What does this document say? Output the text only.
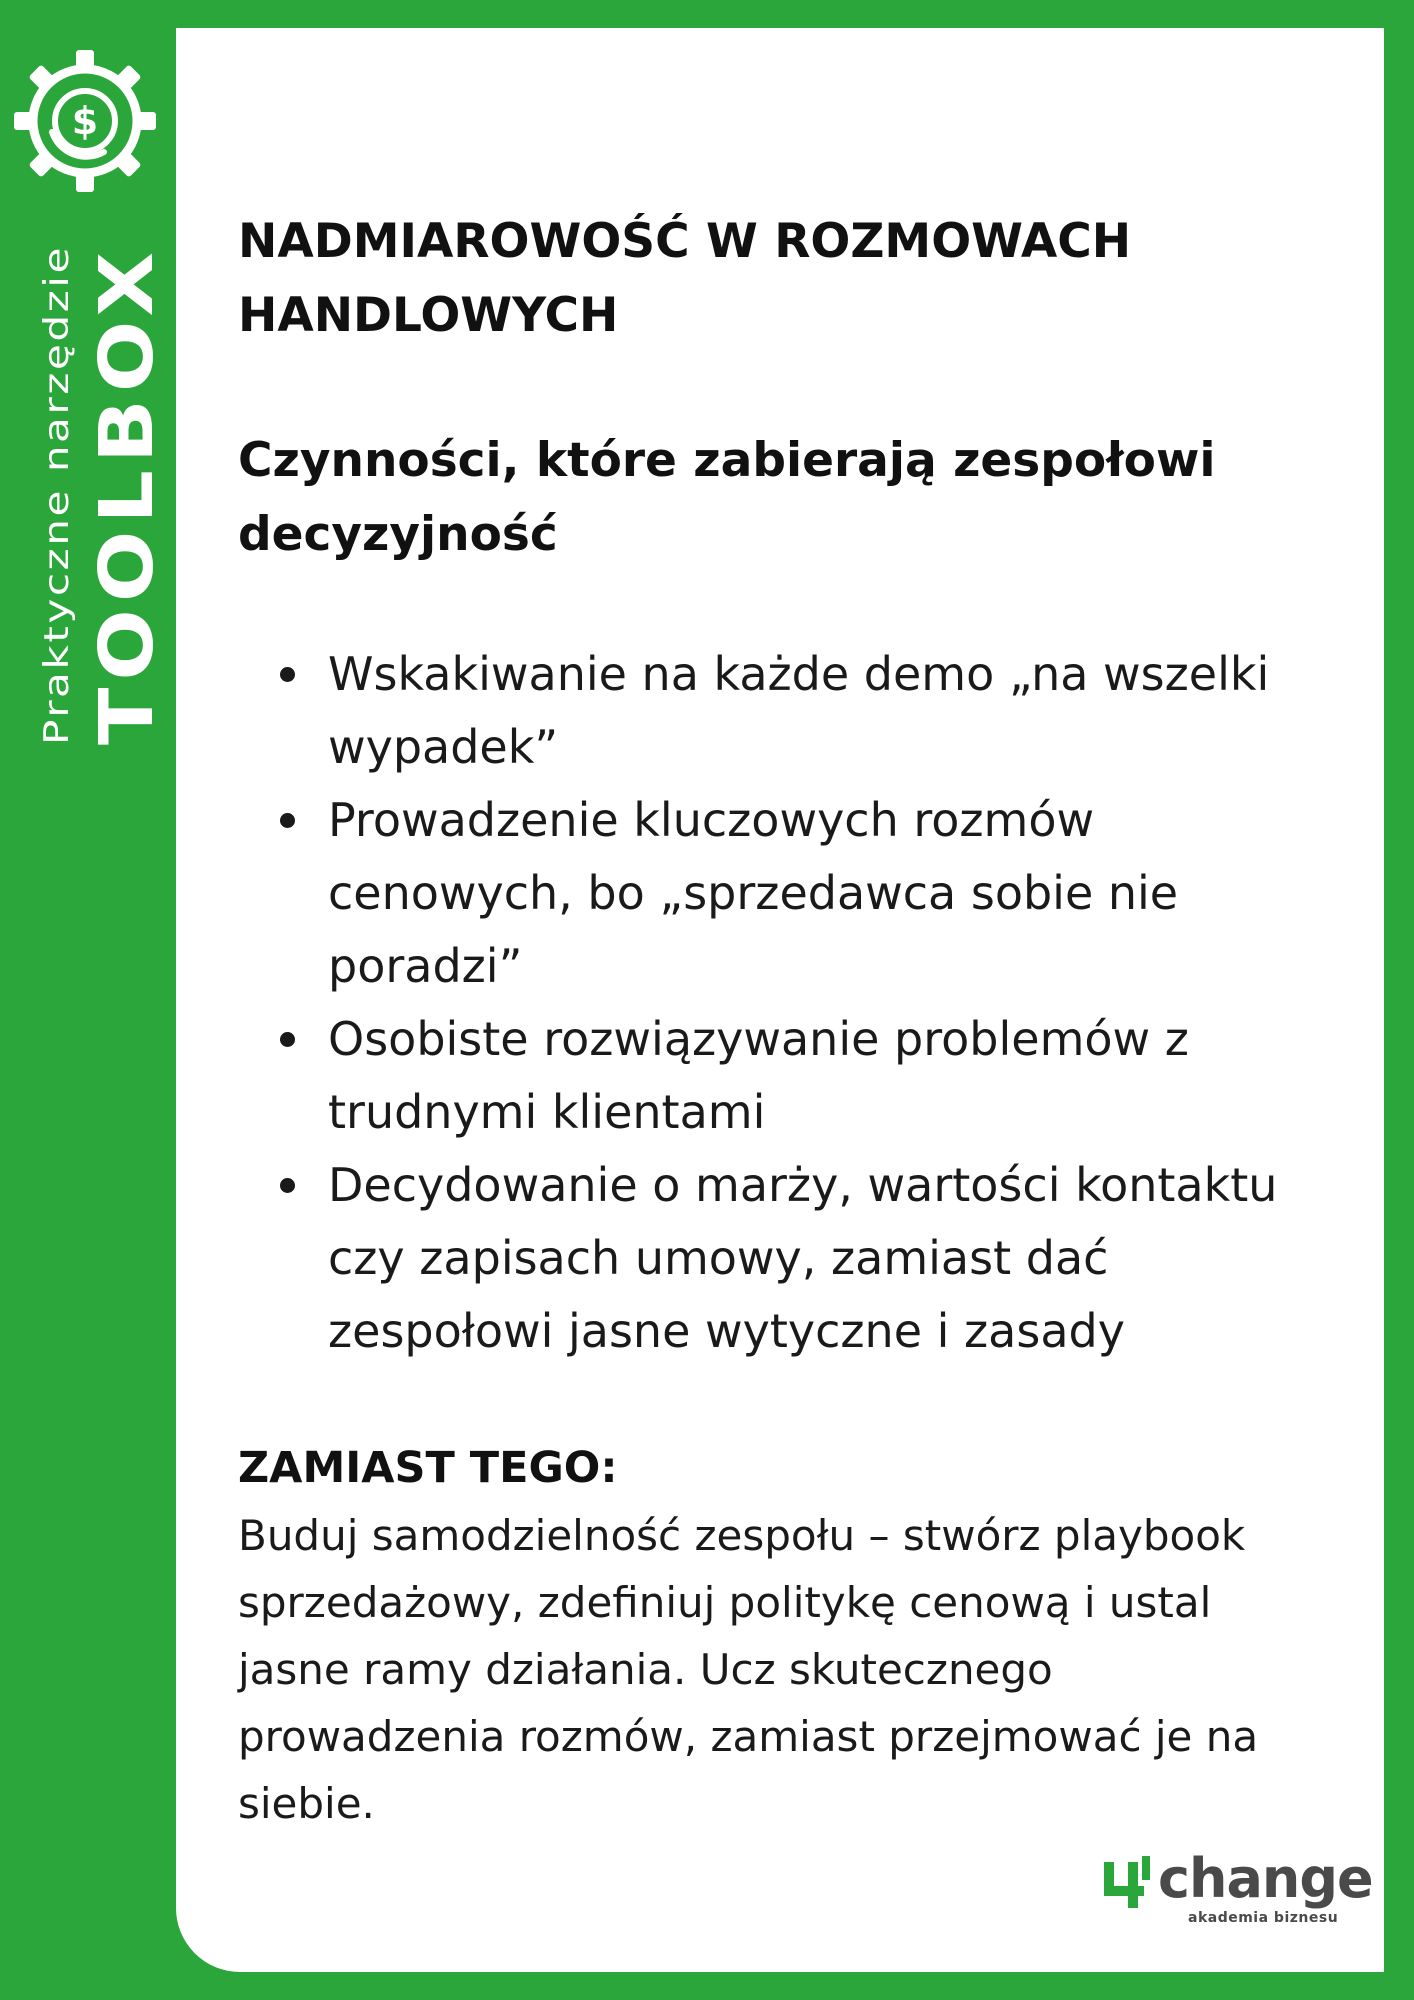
$
Praktyczne narzędzie TOOLBOX
NADMIAROWOŚĆ W ROZMOWACH
HANDLOWYCH
Czynności, które zabierają zespołowi
decyzyjność
Wskakiwanie na każde demo „na wszelki
wypadek”
Prowadzenie kluczowych rozmów
cenowych, bo „sprzedawca sobie nie
poradzi”
Osobiste rozwiązywanie problemów z
trudnymi klientami
Decydowanie o marży, wartości kontaktu
czy zapisach umowy, zamiast dać
zespołowi jasne wytyczne i zasady
ZAMIAST TEGO:

Buduj samodzielność zespołu – stwórz playbook
sprzedażowy, zdefiniuj politykę cenową i ustal
jasne ramy działania. Ucz skutecznego
prowadzenia rozmów, zamiast przejmować je na
siebie.

change
akademia biznesu
